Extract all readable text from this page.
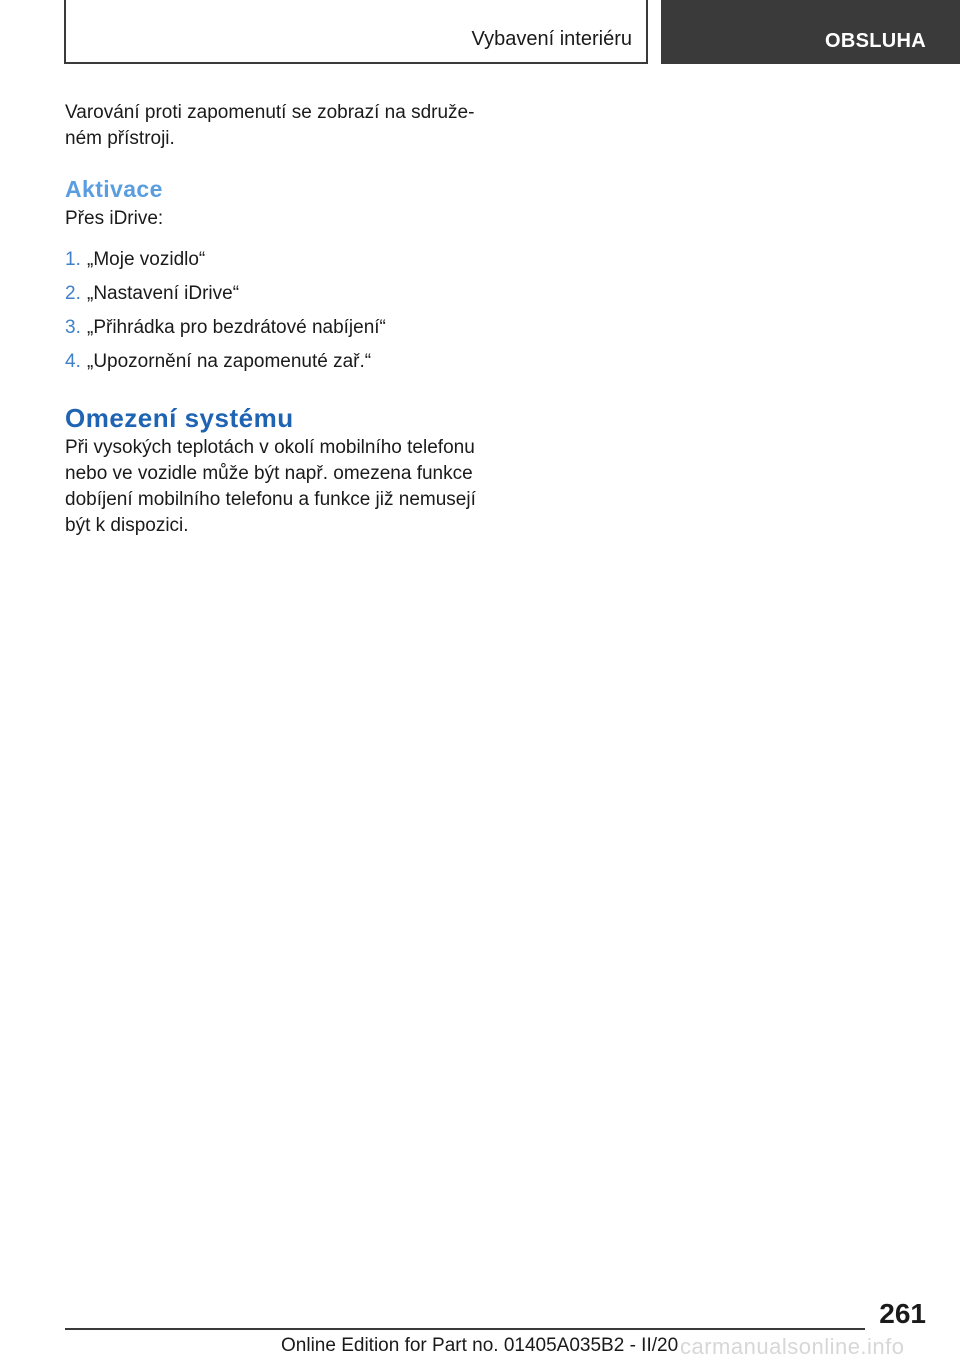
Vybavení interiéru	OBSLUHA

Varování proti zapomenutí se zobrazí na sdruženém přístroji.

Aktivace

Přes iDrive:

1. „Moje vozidlo“
2. „Nastavení iDrive“
3. „Přihrádka pro bezdrátové nabíjení“
4. „Upozornění na zapomenuté zař.“
Omezení systému

Při vysokých teplotách v okolí mobilního telefonu nebo ve vozidle může být např. omezena funkce dobíjení mobilního telefonu a funkce již nemusejí být k dispozici.

261
Online Edition for Part no. 01405A035B2 - II/20 carmanualsonline.info
